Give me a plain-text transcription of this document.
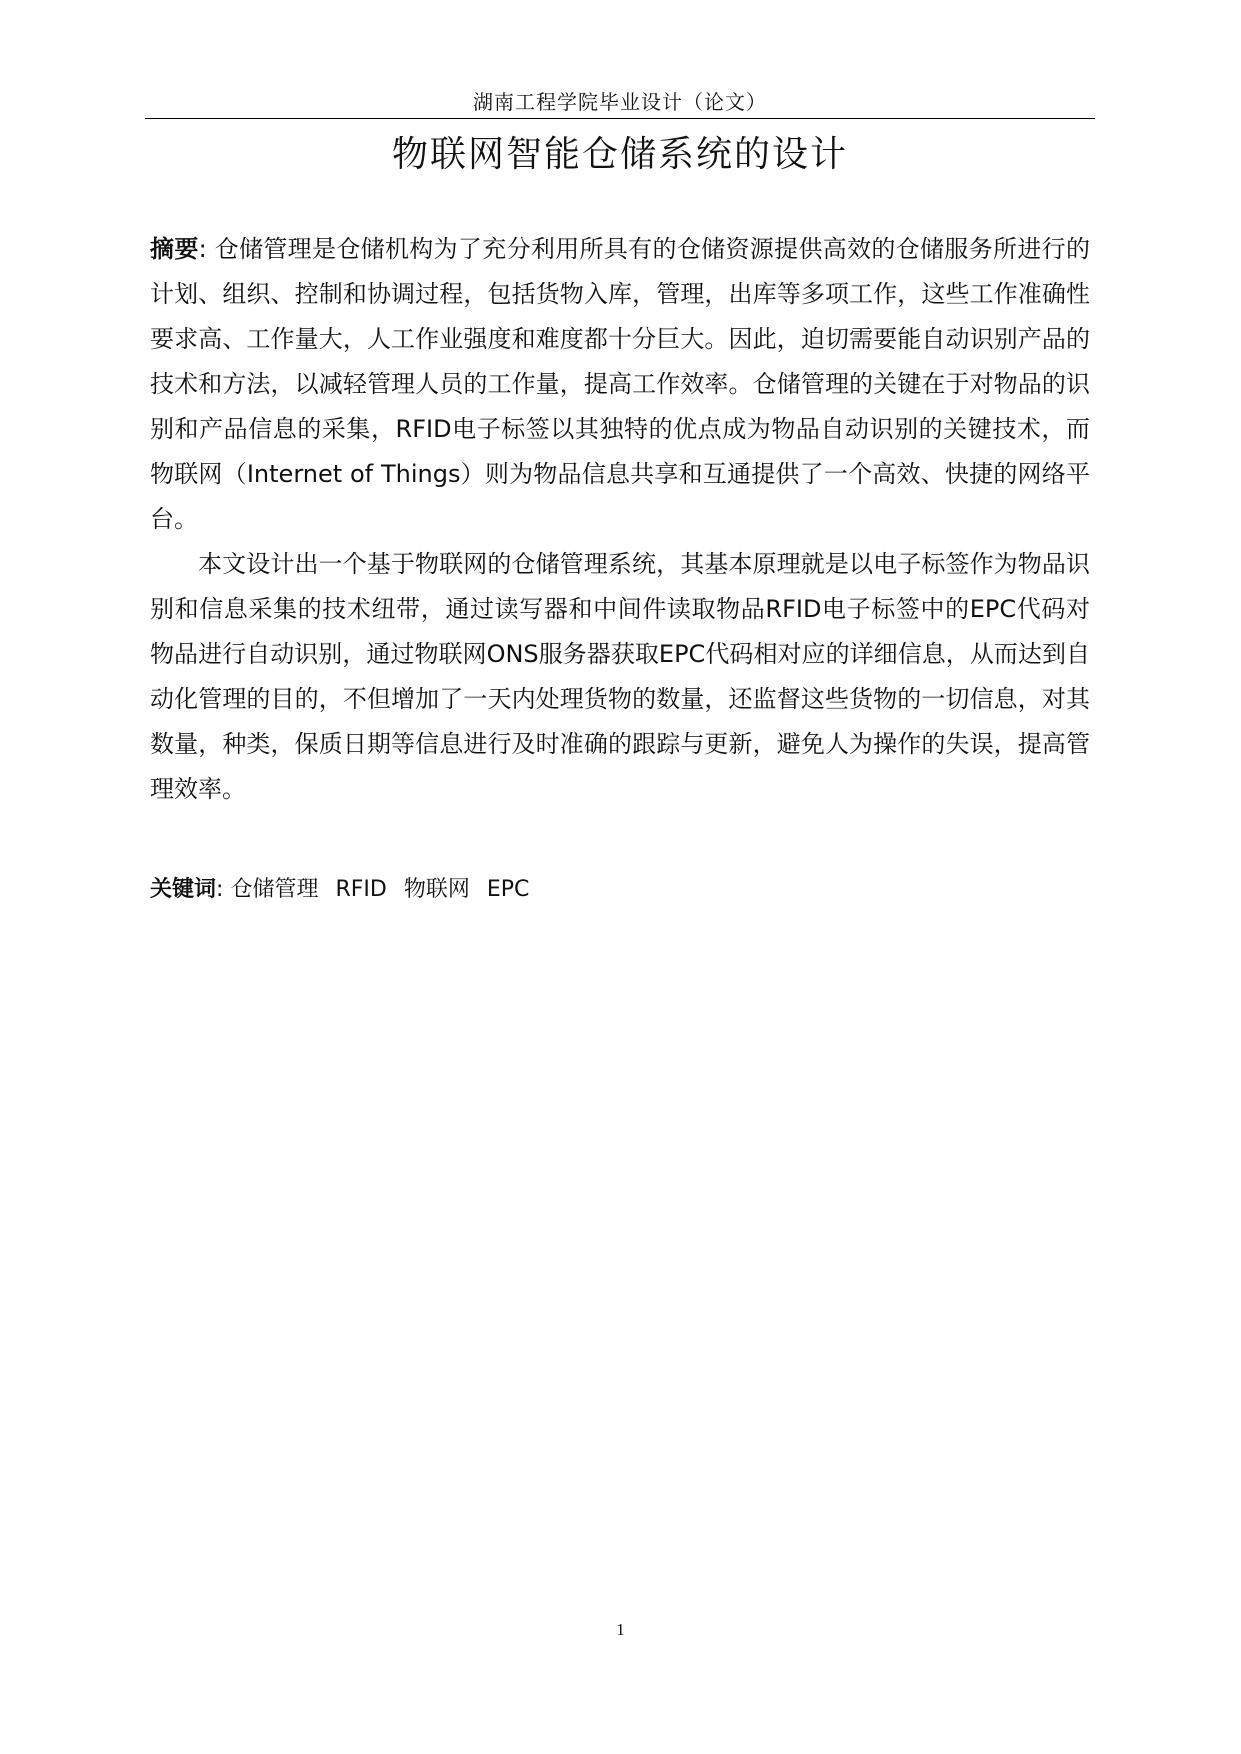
湖南工程学院毕业设计（论文）
物联网智能仓储系统的设计

摘要: 仓储管理是仓储机构为了充分利用所具有的仓储资源提供高效的仓储服务所进行的计划、组织、控制和协调过程，包括货物入库，管理，出库等多项工作，这些工作准确性要求高、工作量大，人工作业强度和难度都十分巨大。因此，迫切需要能自动识别产品的技术和方法，以减轻管理人员的工作量，提高工作效率。仓储管理的关键在于对物品的识别和产品信息的采集，RFID电子标签以其独特的优点成为物品自动识别的关键技术，而物联网（Internet of Things）则为物品信息共享和互通提供了一个高效、快捷的网络平台。

本文设计出一个基于物联网的仓储管理系统，其基本原理就是以电子标签作为物品识别和信息采集的技术纽带，通过读写器和中间件读取物品RFID电子标签中的EPC代码对物品进行自动识别，通过物联网ONS服务器获取EPC代码相对应的详细信息，从而达到自动化管理的目的，不但增加了一天内处理货物的数量，还监督这些货物的一切信息，对其数量，种类，保质日期等信息进行及时准确的跟踪与更新，避免人为操作的失误，提高管理效率。

关键词: 仓储管理 RFID 物联网 EPC
1
